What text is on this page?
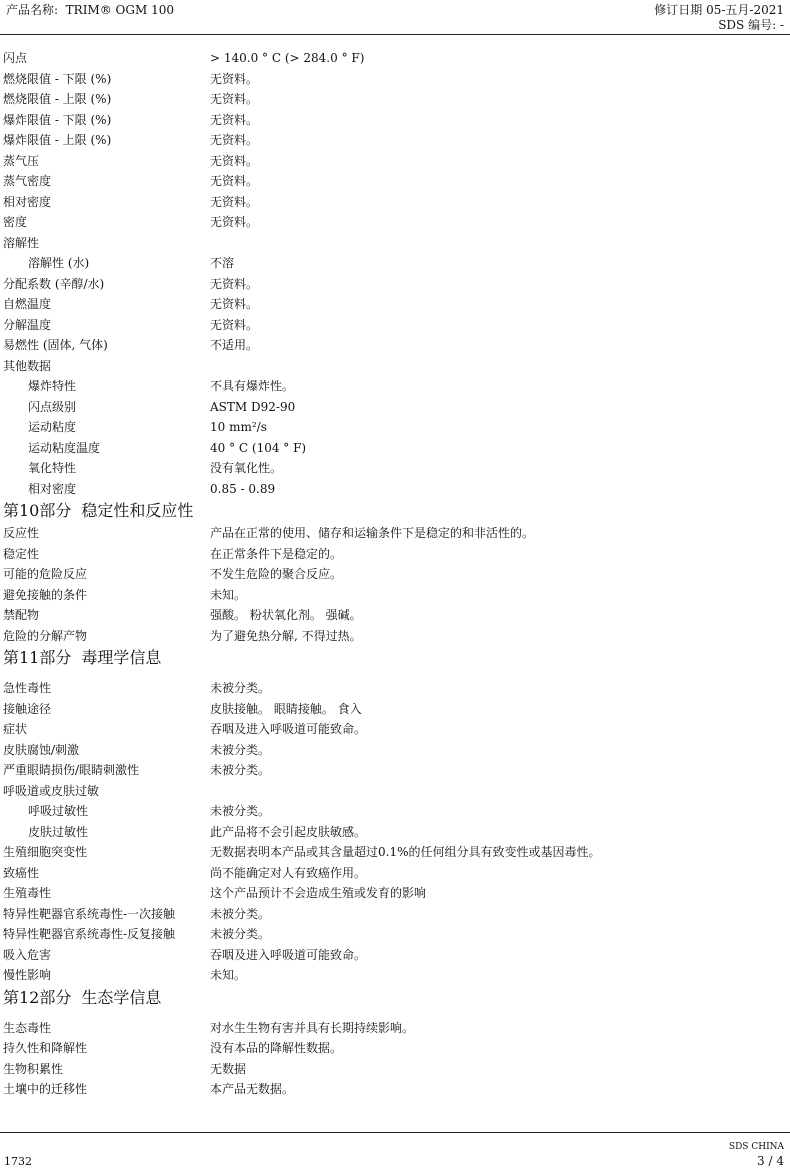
产品名称:  TRIM® OGM 100	修订日期 05-五月-2021
SDS 编号: -
闪点	> 140.0 ° C (> 284.0 ° F)
燃烧限值 - 下限 (%)	无资料。
燃烧限值 - 上限 (%)	无资料。
爆炸限值 - 下限 (%)	无资料。
爆炸限值 - 上限 (%)	无资料。
蒸气压	无资料。
蒸气密度	无资料。
相对密度	无资料。
密度	无资料。
溶解性
溶解性 (水)	不溶
分配系数 (辛醇/水)	无资料。
自燃温度	无资料。
分解温度	无资料。
易燃性 (固体, 气体)	不适用。
其他数据
爆炸特性	不具有爆炸性。
闪点级别	ASTM D92-90
运动粘度	10 mm²/s
运动粘度温度	40 ° C (104 ° F)
氧化特性	没有氧化性。
相对密度	0.85 - 0.89
第10部分 稳定性和反应性
反应性	产品在正常的使用、储存和运输条件下是稳定的和非活性的。
稳定性	在正常条件下是稳定的。
可能的危险反应	不发生危险的聚合反应。
避免接触的条件	未知。
禁配物	强酸。 粉状氧化剂。 强碱。
危险的分解产物	为了避免热分解, 不得过热。
第11部分 毒理学信息
急性毒性	未被分类。
接触途径	皮肤接触。 眼睛接触。 食入
症状	吞咽及进入呼吸道可能致命。
皮肤腐蚀/刺激	未被分类。
严重眼睛损伤/眼睛刺激性	未被分类。
呼吸道或皮肤过敏
呼吸过敏性	未被分类。
皮肤过敏性	此产品将不会引起皮肤敏感。
生殖细胞突变性	无数据表明本产品或其含量超过0.1%的任何组分具有致变性或基因毒性。
致癌性	尚不能确定对人有致癌作用。
生殖毒性	这个产品预计不会造成生殖或发育的影响
特异性靶器官系统毒性-一次接触	未被分类。
特异性靶器官系统毒性-反复接触	未被分类。
吸入危害	吞咽及进入呼吸道可能致命。
慢性影响	未知。
第12部分 生态学信息
生态毒性	对水生生物有害并具有长期持续影响。
持久性和降解性	没有本品的降解性数据。
生物积累性	无数据
土壤中的迁移性	本产品无数据。
1732
SDS CHINA
3 / 4
